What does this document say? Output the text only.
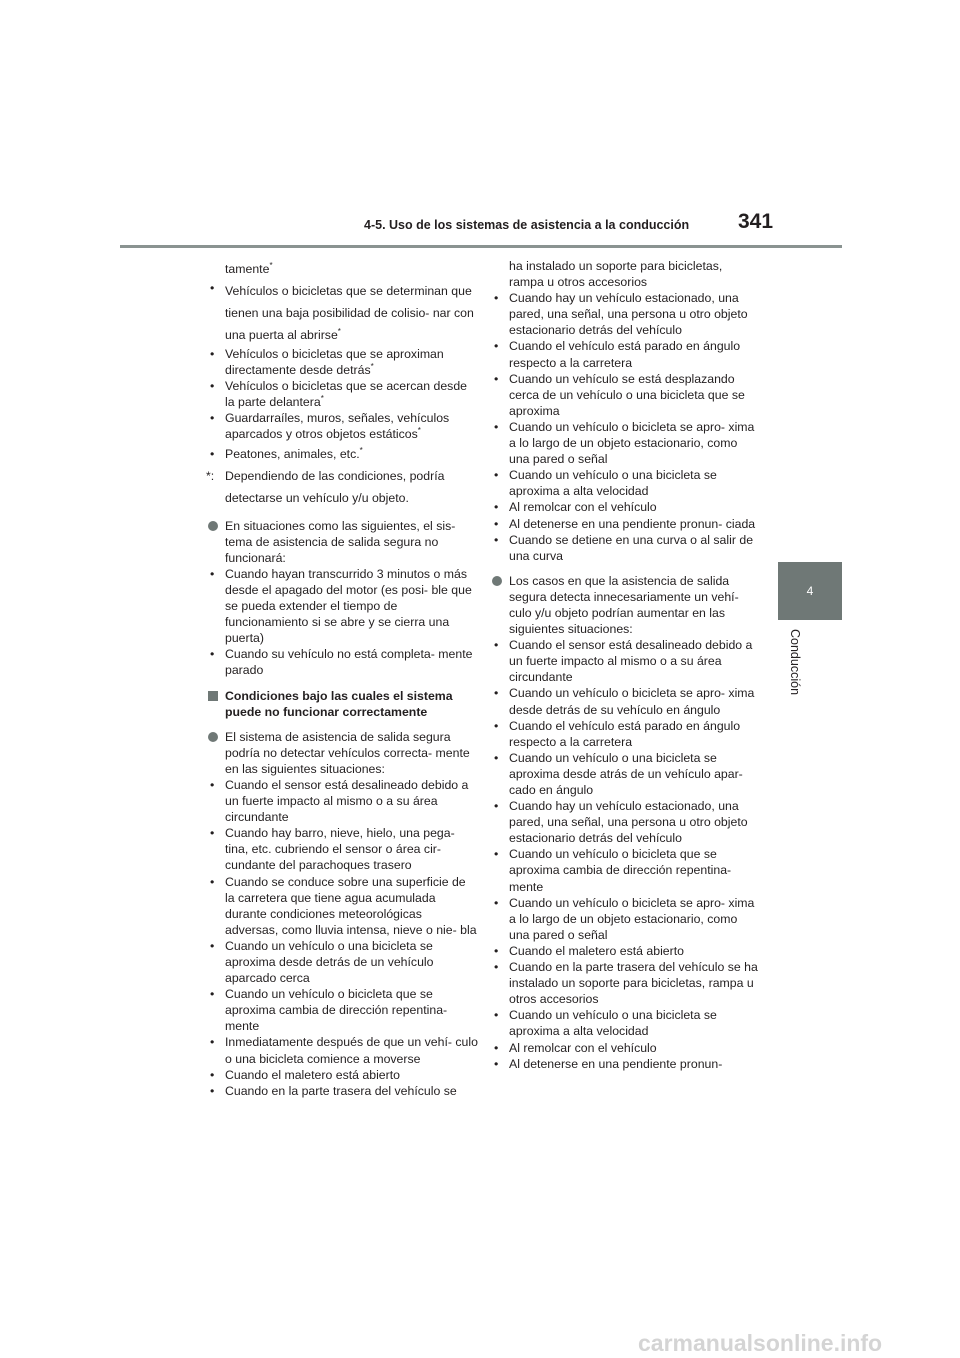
4-5. Uso de los sistemas de asistencia a la conducción 341
4
Conducción
tamente*
• Vehículos o bicicletas que se determinan que tienen una baja posibilidad de colisio- nar con una puerta al abrirse*
• Vehículos o bicicletas que se aproximan directamente desde detrás*
• Vehículos o bicicletas que se acercan desde la parte delantera*
• Guardarraíles, muros, señales, vehículos aparcados y otros objetos estáticos*
• Peatones, animales, etc.*
*: Dependiendo de las condiciones, podría detectarse un vehículo y/u objeto.
En situaciones como las siguientes, el sis- tema de asistencia de salida segura no funcionará:
• Cuando hayan transcurrido 3 minutos o más desde el apagado del motor (es posi- ble que se pueda extender el tiempo de funcionamiento si se abre y se cierra una puerta)
• Cuando su vehículo no está completa- mente parado
Condiciones bajo las cuales el sistema puede no funcionar correctamente
El sistema de asistencia de salida segura podría no detectar vehículos correcta- mente en las siguientes situaciones:
• Cuando el sensor está desalineado debido a un fuerte impacto al mismo o a su área circundante
• Cuando hay barro, nieve, hielo, una pega- tina, etc. cubriendo el sensor o área cir- cundante del parachoques trasero
• Cuando se conduce sobre una superficie de la carretera que tiene agua acumulada durante condiciones meteorológicas adversas, como lluvia intensa, nieve o nie- bla
• Cuando un vehículo o una bicicleta se aproxima desde detrás de un vehículo aparcado cerca
• Cuando un vehículo o bicicleta que se aproxima cambia de dirección repentina- mente
• Inmediatamente después de que un vehí- culo o una bicicleta comience a moverse
• Cuando el maletero está abierto
• Cuando en la parte trasera del vehículo se
ha instalado un soporte para bicicletas, rampa u otros accesorios
• Cuando hay un vehículo estacionado, una pared, una señal, una persona u otro objeto estacionario detrás del vehículo
• Cuando el vehículo está parado en ángulo respecto a la carretera
• Cuando un vehículo se está desplazando cerca de un vehículo o una bicicleta que se aproxima
• Cuando un vehículo o bicicleta se apro- xima a lo largo de un objeto estacionario, como una pared o señal
• Cuando un vehículo o una bicicleta se aproxima a alta velocidad
• Al remolcar con el vehículo
• Al detenerse en una pendiente pronun- ciada
• Cuando se detiene en una curva o al salir de una curva
Los casos en que la asistencia de salida segura detecta innecesariamente un vehí- culo y/u objeto podrían aumentar en las siguientes situaciones:
• Cuando el sensor está desalineado debido a un fuerte impacto al mismo o a su área circundante
• Cuando un vehículo o bicicleta se apro- xima desde detrás de su vehículo en ángulo
• Cuando el vehículo está parado en ángulo respecto a la carretera
• Cuando un vehículo o una bicicleta se aproxima desde atrás de un vehículo apar- cado en ángulo
• Cuando hay un vehículo estacionado, una pared, una señal, una persona u otro objeto estacionario detrás del vehículo
• Cuando un vehículo o bicicleta que se aproxima cambia de dirección repentina- mente
• Cuando un vehículo o bicicleta se apro- xima a lo largo de un objeto estacionario, como una pared o señal
• Cuando el maletero está abierto
• Cuando en la parte trasera del vehículo se ha instalado un soporte para bicicletas, rampa u otros accesorios
• Cuando un vehículo o una bicicleta se aproxima a alta velocidad
• Al remolcar con el vehículo
• Al detenerse en una pendiente pronun-
carmanualsonline.info
